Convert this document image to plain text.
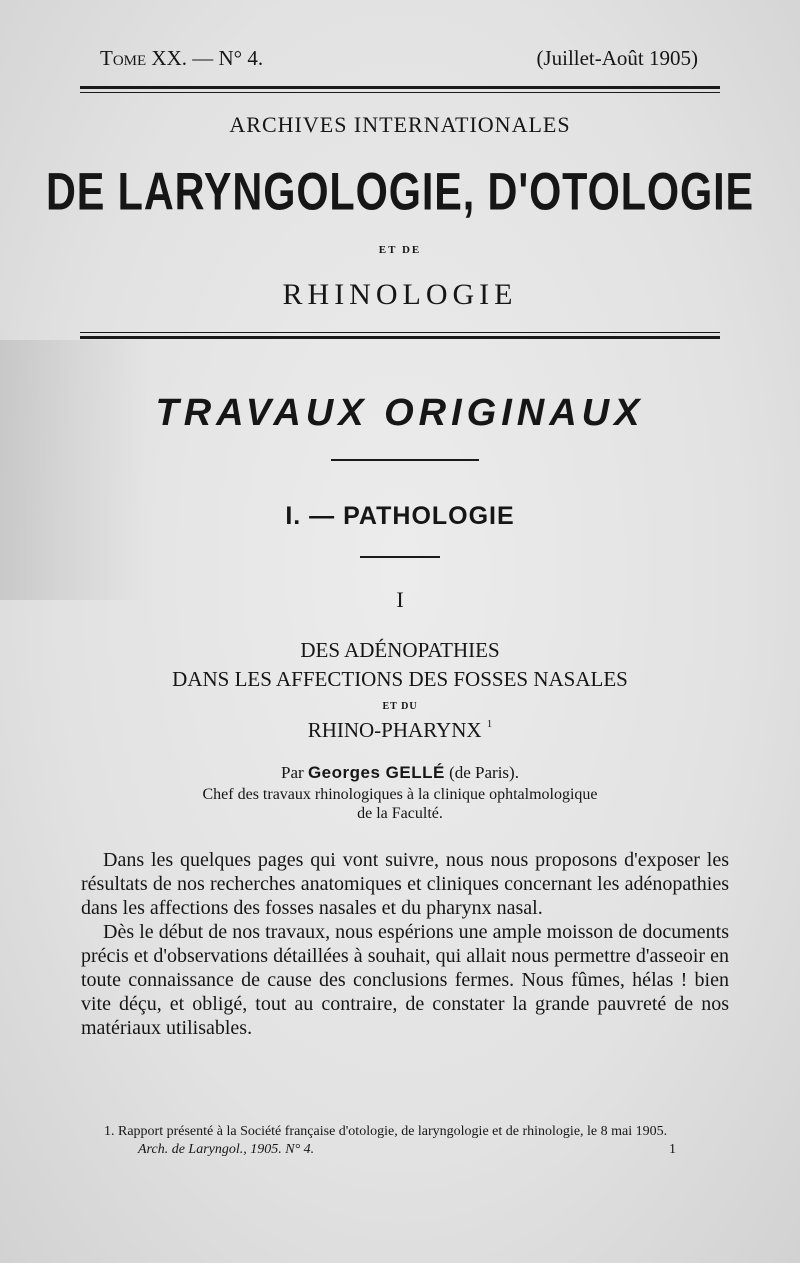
Tome XX. — N° 4.	(Juillet-Août 1905)
ARCHIVES INTERNATIONALES
DE LARYNGOLOGIE, D'OTOLOGIE
ET DE
RHINOLOGIE
TRAVAUX ORIGINAUX
I. — PATHOLOGIE
I
DES ADÉNOPATHIES
DANS LES AFFECTIONS DES FOSSES NASALES
ET DU
RHINO-PHARYNX $^1$
Par Georges GELLÉ (de Paris).
Chef des travaux rhinologiques à la clinique ophtalmologique
de la Faculté.

Dans les quelques pages qui vont suivre, nous nous proposons d'exposer les résultats de nos recherches anatomiques et cliniques concernant les adénopathies dans les affections des fosses nasales et du pharynx nasal.

Dès le début de nos travaux, nous espérions une ample moisson de documents précis et d'observations détaillées à souhait, qui allait nous permettre d'asseoir en toute connaissance de cause des conclusions fermes. Nous fûmes, hélas ! bien vite déçu, et obligé, tout au contraire, de constater la grande pauvreté de nos matériaux utilisables.

1. Rapport présenté à la Société française d'otologie, de laryngologie et de rhinologie, le 8 mai 1905.

Arch. de Laryngol., 1905. N° 4.	1
